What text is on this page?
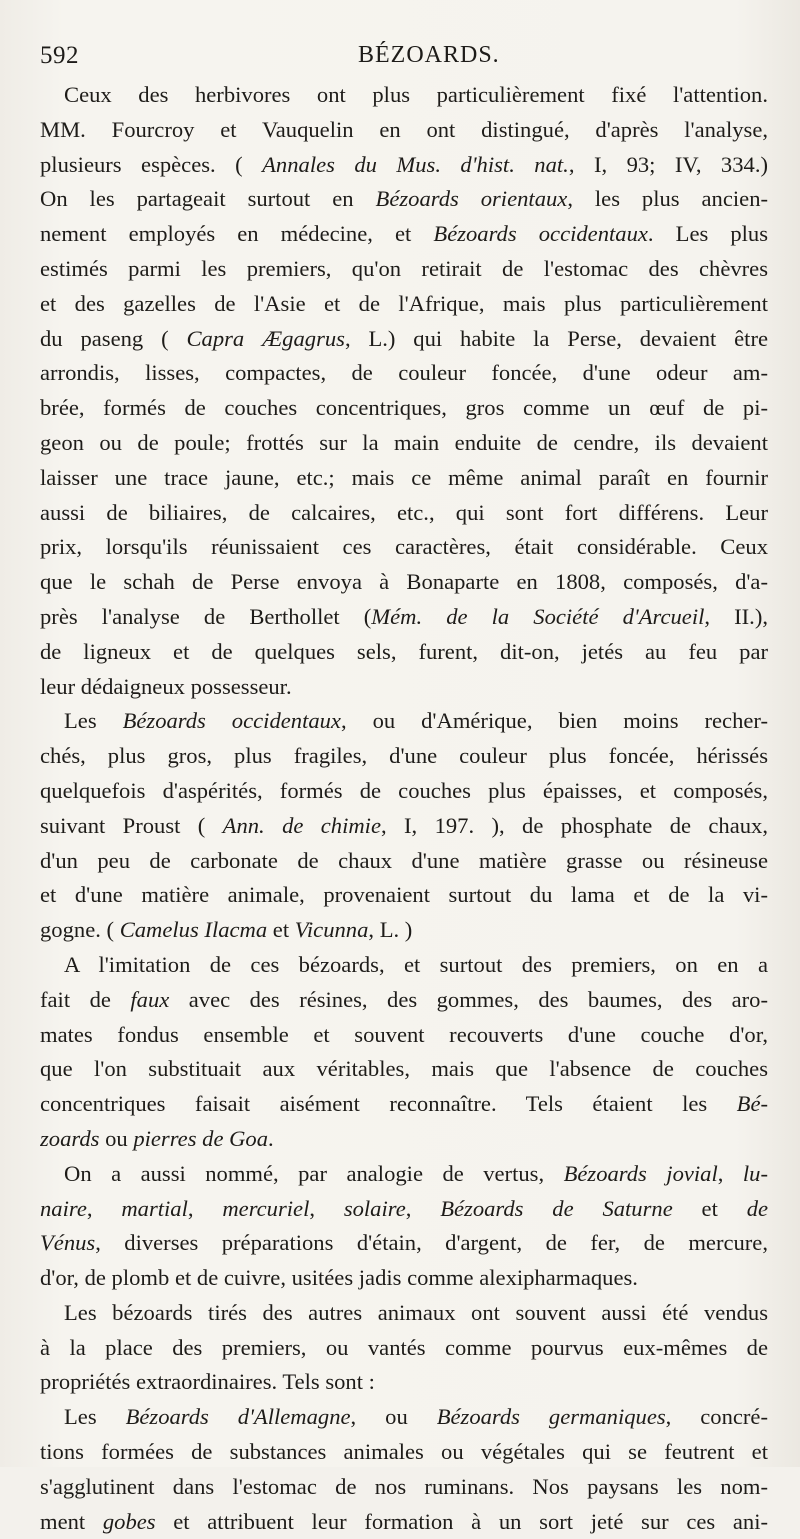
592	BÉZOARDS.
Ceux des herbivores ont plus particulièrement fixé l'attention.
MM. Fourcroy et Vauquelin en ont distingué, d'après l'analyse,
plusieurs espèces. ( Annales du Mus. d'hist. nat., I, 93; IV, 334.)
On les partageait surtout en Bézoards orientaux, les plus ancien-
nement employés en médecine, et Bézoards occidentaux. Les plus
estimés parmi les premiers, qu'on retirait de l'estomac des chèvres
et des gazelles de l'Asie et de l'Afrique, mais plus particulièrement
du paseng ( Capra Ægagrus, L.) qui habite la Perse, devaient être
arrondis, lisses, compactes, de couleur foncée, d'une odeur am-
brée, formés de couches concentriques, gros comme un œuf de pi-
geon ou de poule; frottés sur la main enduite de cendre, ils devaient
laisser une trace jaune, etc.; mais ce même animal paraît en fournir
aussi de biliaires, de calcaires, etc., qui sont fort différens. Leur
prix, lorsqu'ils réunissaient ces caractères, était considérable. Ceux
que le schah de Perse envoya à Bonaparte en 1808, composés, d'a-
près l'analyse de Berthollet (Mém. de la Société d'Arcueil, II.),
de ligneux et de quelques sels, furent, dit-on, jetés au feu par
leur dédaigneux possesseur.
Les Bézoards occidentaux, ou d'Amérique, bien moins recher-
chés, plus gros, plus fragiles, d'une couleur plus foncée, hérissés
quelquefois d'aspérités, formés de couches plus épaisses, et composés,
suivant Proust ( Ann. de chimie, I, 197. ), de phosphate de chaux,
d'un peu de carbonate de chaux d'une matière grasse ou résineuse
et d'une matière animale, provenaient surtout du lama et de la vi-
gogne. ( Camelus Ilacma et Vicunna, L. )
A l'imitation de ces bézoards, et surtout des premiers, on en a
fait de faux avec des résines, des gommes, des baumes, des aro-
mates fondus ensemble et souvent recouverts d'une couche d'or,
que l'on substituait aux véritables, mais que l'absence de couches
concentriques faisait aisément reconnaître. Tels étaient les Bé-
zoards ou pierres de Goa.
On a aussi nommé, par analogie de vertus, Bézoards jovial, lu-
naire, martial, mercuriel, solaire, Bézoards de Saturne et de
Vénus, diverses préparations d'étain, d'argent, de fer, de mercure,
d'or, de plomb et de cuivre, usitées jadis comme alexipharmaques.
Les bézoards tirés des autres animaux ont souvent aussi été vendus
à la place des premiers, ou vantés comme pourvus eux-mêmes de
propriétés extraordinaires. Tels sont :
Les Bézoards d'Allemagne, ou Bézoards germaniques, concré-
tions formées de substances animales ou végétales qui se feutrent et
s'agglutinent dans l'estomac de nos ruminans. Nos paysans les nom-
ment gobes et attribuent leur formation à un sort jeté sur ces ani-
